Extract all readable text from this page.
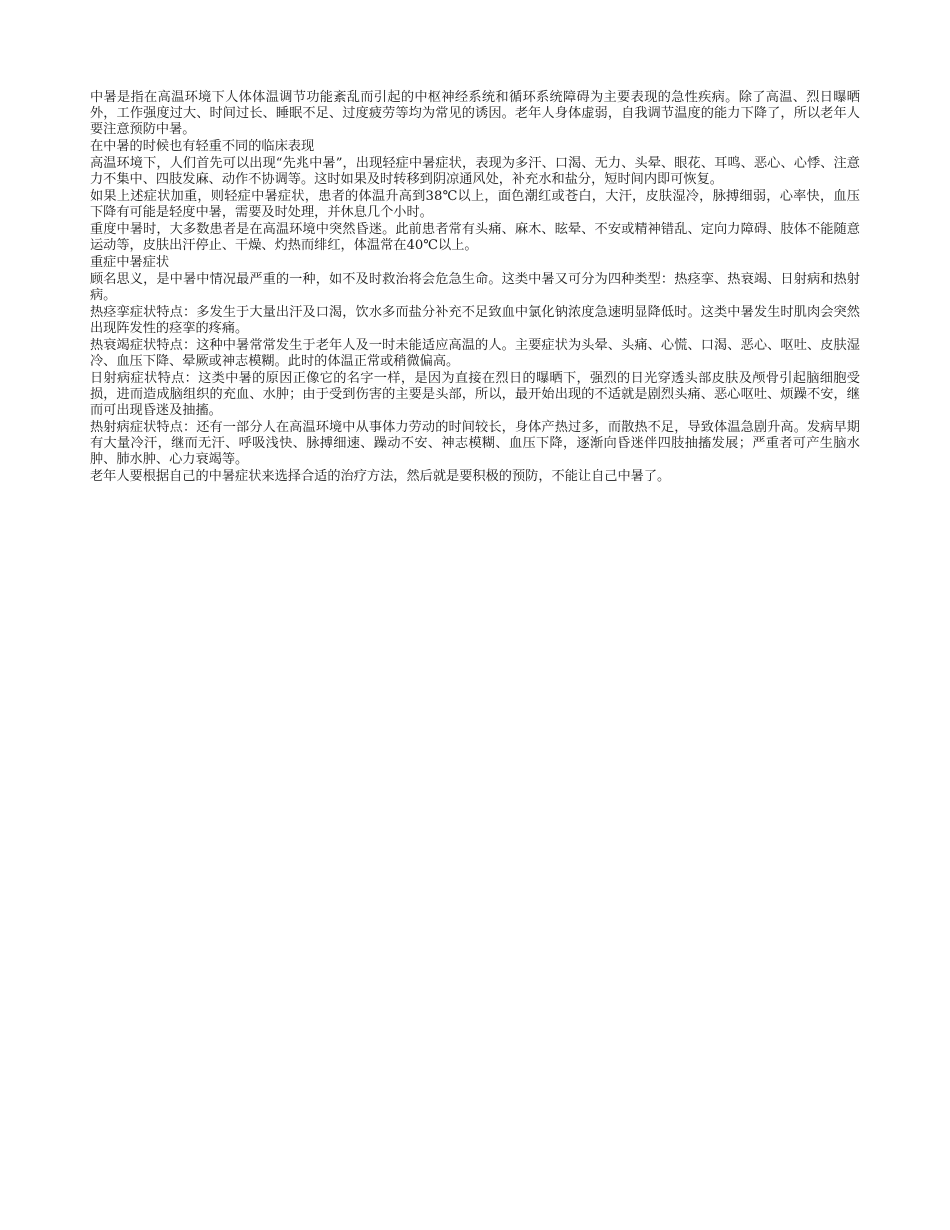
中暑是指在高温环境下人体体温调节功能紊乱而引起的中枢神经系统和循环系统障碍为主要表现的急性疾病。除了高温、烈日曝晒外，工作强度过大、时间过长、睡眠不足、过度疲劳等均为常见的诱因。老年人身体虚弱，自我调节温度的能力下降了，所以老年人要注意预防中暑。

在中暑的时候也有轻重不同的临床表现

高温环境下，人们首先可以出现“先兆中暑”，出现轻症中暑症状，表现为多汗、口渴、无力、头晕、眼花、耳鸣、恶心、心悸、注意力不集中、四肢发麻、动作不协调等。这时如果及时转移到阴凉通风处，补充水和盐分，短时间内即可恢复。

如果上述症状加重，则轻症中暑症状，患者的体温升高到38℃以上，面色潮红或苍白，大汗，皮肤湿冷，脉搏细弱，心率快，血压下降有可能是轻度中暑，需要及时处理，并休息几个小时。

重度中暑时，大多数患者是在高温环境中突然昏迷。此前患者常有头痛、麻木、眩晕、不安或精神错乱、定向力障碍、肢体不能随意运动等，皮肤出汗停止、干燥、灼热而绯红，体温常在40℃以上。

重症中暑症状

顾名思义，是中暑中情况最严重的一种，如不及时救治将会危急生命。这类中暑又可分为四种类型：热痉挛、热衰竭、日射病和热射病。

热痉挛症状特点：多发生于大量出汗及口渴，饮水多而盐分补充不足致血中氯化钠浓度急速明显降低时。这类中暑发生时肌肉会突然出现阵发性的痉挛的疼痛。

热衰竭症状特点：这种中暑常常发生于老年人及一时未能适应高温的人。主要症状为头晕、头痛、心慌、口渴、恶心、呕吐、皮肤湿冷、血压下降、晕厥或神志模糊。此时的体温正常或稍微偏高。

日射病症状特点：这类中暑的原因正像它的名字一样，是因为直接在烈日的曝晒下，强烈的日光穿透头部皮肤及颅骨引起脑细胞受损，进而造成脑组织的充血、水肿；由于受到伤害的主要是头部，所以，最开始出现的不适就是剧烈头痛、恶心呕吐、烦躁不安，继而可出现昏迷及抽搐。

热射病症状特点：还有一部分人在高温环境中从事体力劳动的时间较长，身体产热过多，而散热不足，导致体温急剧升高。发病早期有大量冷汗，继而无汗、呼吸浅快、脉搏细速、躁动不安、神志模糊、血压下降，逐渐向昏迷伴四肢抽搐发展；严重者可产生脑水肿、肺水肿、心力衰竭等。

老年人要根据自己的中暑症状来选择合适的治疗方法，然后就是要积极的预防，不能让自己中暑了。
